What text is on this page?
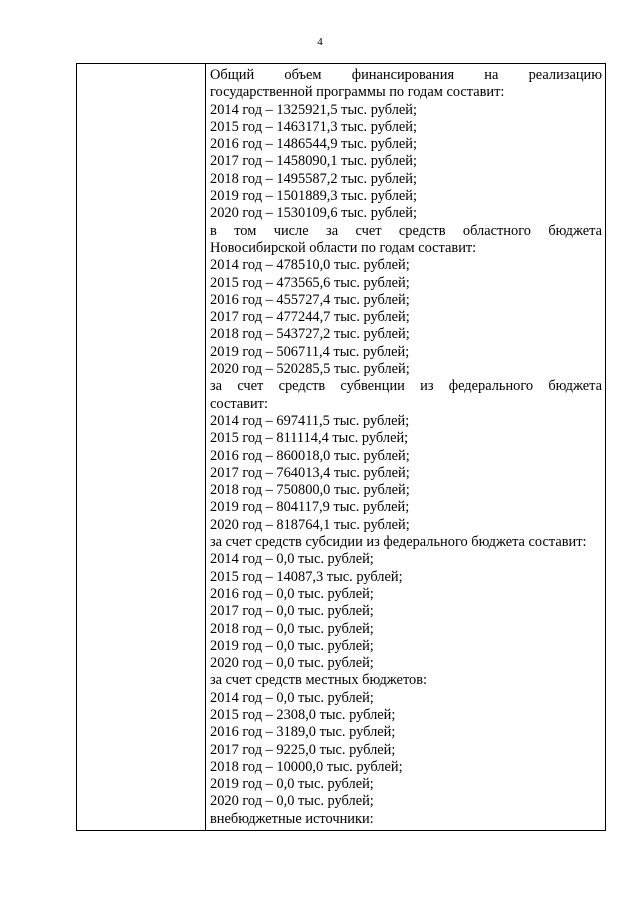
4
Общий объем финансирования на реализацию
государственной программы по годам составит:
2014 год – 1325921,5 тыс. рублей;
2015 год – 1463171,3 тыс. рублей;
2016 год – 1486544,9 тыс. рублей;
2017 год – 1458090,1 тыс. рублей;
2018 год – 1495587,2 тыс. рублей;
2019 год – 1501889,3 тыс. рублей;
2020 год – 1530109,6 тыс. рублей;
в том числе за счет средств областного бюджета
Новосибирской области по годам составит:
2014 год – 478510,0 тыс. рублей;
2015 год – 473565,6 тыс. рублей;
2016 год – 455727,4 тыс. рублей;
2017 год – 477244,7 тыс. рублей;
2018 год – 543727,2 тыс. рублей;
2019 год – 506711,4 тыс. рублей;
2020 год – 520285,5 тыс. рублей;
за счет средств субвенции из федерального бюджета
составит:
2014 год – 697411,5 тыс. рублей;
2015 год – 811114,4 тыс. рублей;
2016 год – 860018,0 тыс. рублей;
2017 год – 764013,4 тыс. рублей;
2018 год – 750800,0 тыс. рублей;
2019 год – 804117,9 тыс. рублей;
2020 год – 818764,1 тыс. рублей;
за счет средств субсидии из федерального бюджета составит:
2014 год – 0,0 тыс. рублей;
2015 год – 14087,3 тыс. рублей;
2016 год – 0,0 тыс. рублей;
2017 год – 0,0 тыс. рублей;
2018 год – 0,0 тыс. рублей;
2019 год – 0,0 тыс. рублей;
2020 год – 0,0 тыс. рублей;
за счет средств местных бюджетов:
2014 год – 0,0 тыс. рублей;
2015 год – 2308,0 тыс. рублей;
2016 год – 3189,0 тыс. рублей;
2017 год – 9225,0 тыс. рублей;
2018 год – 10000,0 тыс. рублей;
2019 год – 0,0 тыс. рублей;
2020 год – 0,0 тыс. рублей;
внебюджетные источники:
